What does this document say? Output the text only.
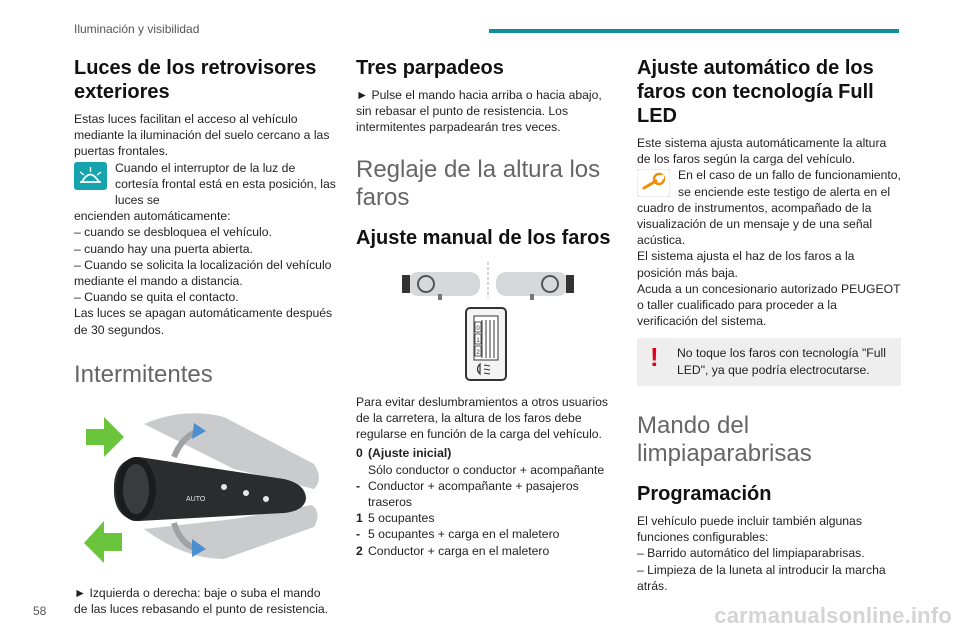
Iluminación y visibilidad
Luces de los retrovisores exteriores

Estas luces facilitan el acceso al vehículo mediante la iluminación del suelo cercano a las puertas frontales.

Cuando el interruptor de la luz de cortesía frontal está en esta posición, las luces se

encienden automáticamente:

– cuando se desbloquea el vehículo.

– cuando hay una puerta abierta.

– Cuando se solicita la localización del vehículo mediante el mando a distancia.

– Cuando se quita el contacto.

Las luces se apagan automáticamente después de 30 segundos.

Intermitentes
AUTO

► Izquierda o derecha: baje o suba el mando de las luces rebasando el punto de resistencia.

Tres parpadeos

► Pulse el mando hacia arriba o hacia abajo, sin rebasar el punto de resistencia. Los intermitentes parpadearán tres veces.

Reglaje de la altura los faros
Ajuste manual de los faros
0
1
2

Para evitar deslumbramientos a otros usuarios de la carretera, la altura de los faros debe regularse en función de la carga del vehículo.

0 (Ajuste inicial)
Sólo conductor o conductor + acompañante
- Conductor + acompañante + pasajeros traseros
1 5 ocupantes
- 5 ocupantes + carga en el maletero
2 Conductor + carga en el maletero
Ajuste automático de los faros con tecnología Full LED

Este sistema ajusta automáticamente la altura de los faros según la carga del vehículo.

En el caso de un fallo de funcionamiento, se enciende este testigo de alerta en el

cuadro de instrumentos, acompañado de la visualización de un mensaje y de una señal acústica.

El sistema ajusta el haz de los faros a la posición más baja.

Acuda a un concesionario autorizado PEUGEOT o taller cualificado para proceder a la verificación del sistema.

! No toque los faros con tecnología "Full LED", ya que podría electrocutarse.

Mando del limpiaparabrisas
Programación

El vehículo puede incluir también algunas funciones configurables:

– Barrido automático del limpiaparabrisas.

– Limpieza de la luneta al introducir la marcha atrás.

58	carmanualsonline.info
